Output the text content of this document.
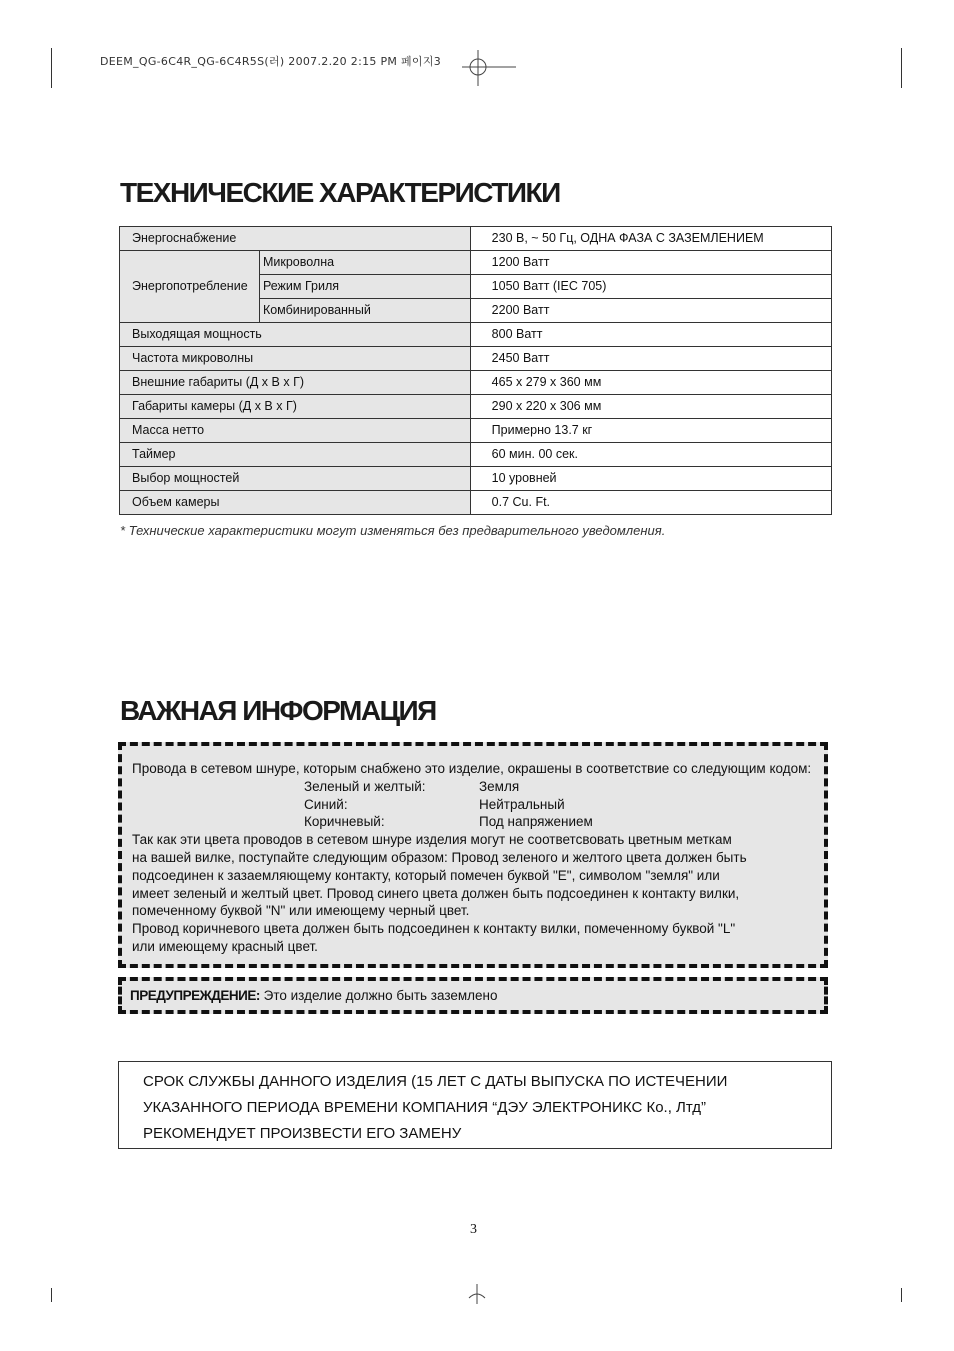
DEEM_QG-6C4R_QG-6C4R5S(러) 2007.2.20 2:15 PM 페이지3
ТЕХНИЧЕСКИЕ ХАРАКТЕРИСТИКИ
Энергоснабжение		230 В, ~ 50 Гц, ОДНА ФАЗА С ЗАЗЕМЛЕНИЕМ
Энергопотребление	Микроволна	1200 Ватт
	Режим Гриля	1050 Ватт (IEC 705)
	Комбинированный	2200 Ватт
Выходящая мощность		800 Ватт
Частота микроволны		2450 Ватт
Внешние габариты (Д х В х Г)		465 x 279 x 360 мм
Габариты камеры (Д х В х Г)		290 x 220 x 306 мм
Масса нетто		Примерно 13.7 кг
Таймер		60 мин. 00 сек.
Выбор мощностей		10 уровней
Объем камеры		0.7 Cu. Ft.
* Технические характеристики могут изменяться без предварительного уведомления.
ВАЖНАЯ ИНФОРМАЦИЯ
Провода в сетевом шнуре, которым снабжено это изделие, окрашены в соответствие со следующим кодом:
Зеленый и желтый:	Земля
Синий:	Нейтральный
Коричневый:	Под напряжением
Так как эти цвета проводов в сетевом шнуре изделия могут не соответсвовать цветным меткам
на вашей вилке, поступайте следующим образом: Провод зеленого и желтого цвета должен быть
подсоединен к зазаемляющему контакту, который помечен буквой "E", символом "земля" или
имеет зеленый и желтый цвет. Провод синего цвета должен быть подсоединен к контакту вилки,
помеченному буквой "N" или имеющему черный цвет.
Провод коричневого цвета должен быть подсоединен к контакту вилки, помеченному буквой "L"
или имеющему красный цвет.
ПРЕДУПРЕЖДЕНИЕ: Это изделие должно быть заземлено
СРОК СЛУЖБЫ ДАННОГО ИЗДЕЛИЯ (15 ЛЕТ С ДАТЫ ВЫПУСКА ПО ИСТЕЧЕНИИ
УКАЗАННОГО ПЕРИОДА ВРЕМЕНИ КОМПАНИЯ “ДЭУ ЭЛЕКТРОНИКС Ко., Лтд”
РЕКОМЕНДУЕТ ПРОИЗВЕСТИ ЕГО ЗАМЕНУ
3
